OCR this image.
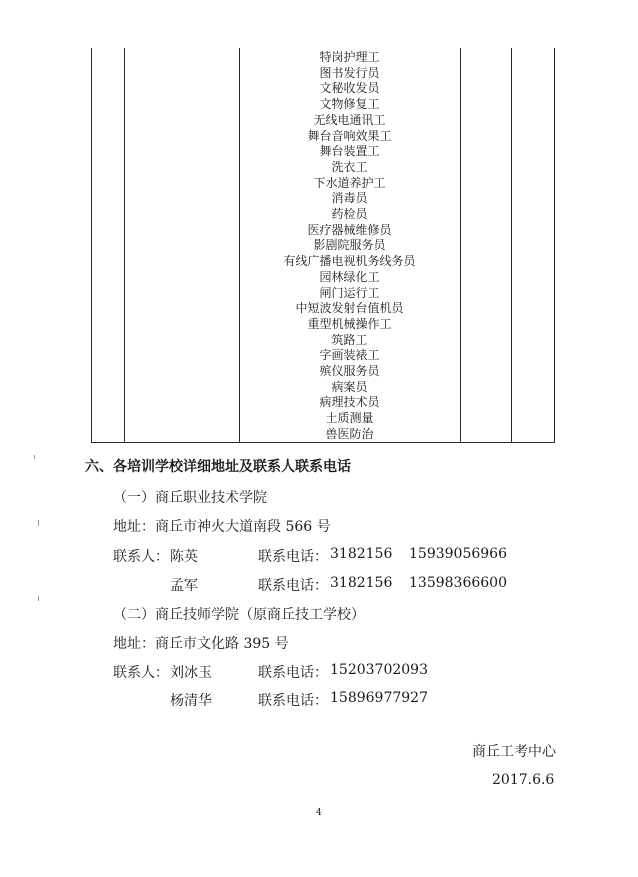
特岗护理工
图书发行员
文秘收发员
文物修复工
无线电通讯工
舞台音响效果工
舞台装置工
洗衣工
下水道养护工
消毒员
药检员
医疗器械维修员
影剧院服务员
有线广播电视机务线务员
园林绿化工
闸门运行工
中短波发射台值机员
重型机械操作工
筑路工
字画装裱工
殡仪服务员
病案员
病理技术员
土质测量
兽医防治
六、各培训学校详细地址及联系人联系电话
（一）商丘职业技术学院
地址：商丘市神火大道南段 566 号
联系人： 陈英	联系电话： 3182156 15939056966
孟军	联系电话： 3182156 13598366600
（二）商丘技师学院（原商丘技工学校）
地址：商丘市文化路 395 号
联系人： 刘冰玉	联系电话： 15203702093
杨清华	联系电话： 15896977927
商丘工考中心
2017.6.6
4
